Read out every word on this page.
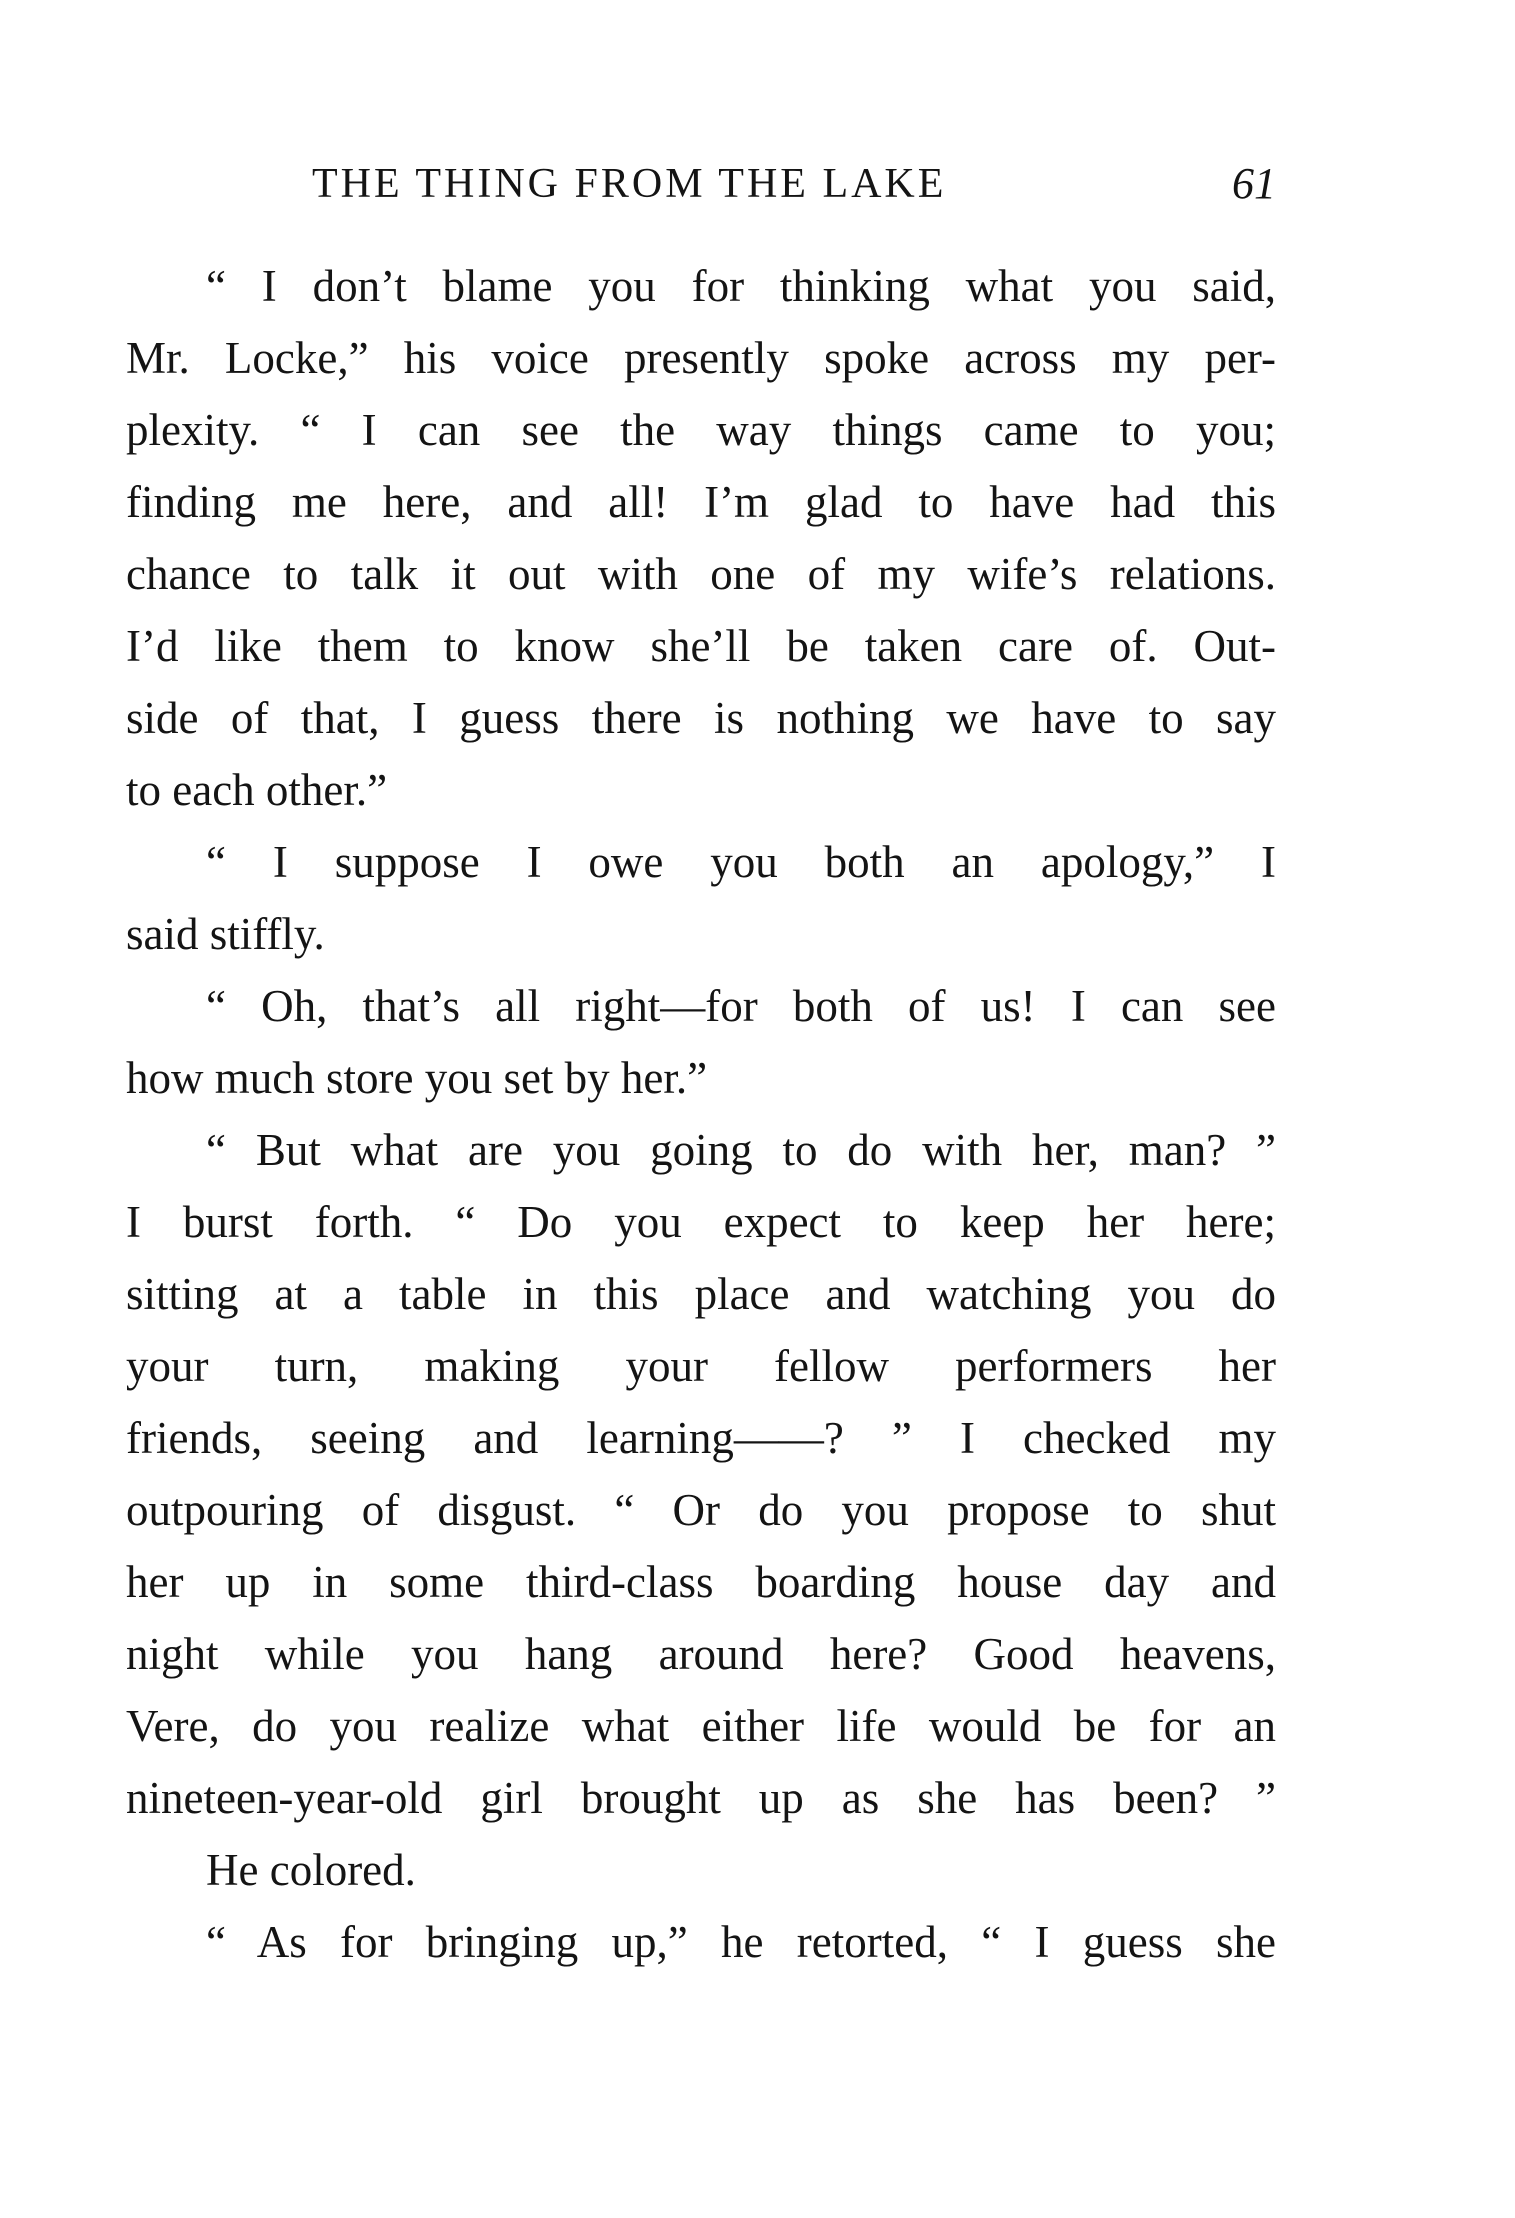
THE THING FROM THE LAKE	61
“ I don’t blame you for thinking what you said,
Mr. Locke,” his voice presently spoke across my per-
plexity. “ I can see the way things came to you;
finding me here, and all! I’m glad to have had this
chance to talk it out with one of my wife’s relations.
I’d like them to know she’ll be taken care of. Out-
side of that, I guess there is nothing we have to say
to each other.”
“ I suppose I owe you both an apology,” I
said stiffly.
“ Oh, that’s all right—for both of us! I can see
how much store you set by her.”
“ But what are you going to do with her, man? ”
I burst forth. “ Do you expect to keep her here;
sitting at a table in this place and watching you do
your turn, making your fellow performers her
friends, seeing and learning——? ” I checked my
outpouring of disgust. “ Or do you propose to shut
her up in some third-class boarding house day and
night while you hang around here? Good heavens,
Vere, do you realize what either life would be for an
nineteen-year-old girl brought up as she has been? ”
He colored.
“ As for bringing up,” he retorted, “ I guess she
